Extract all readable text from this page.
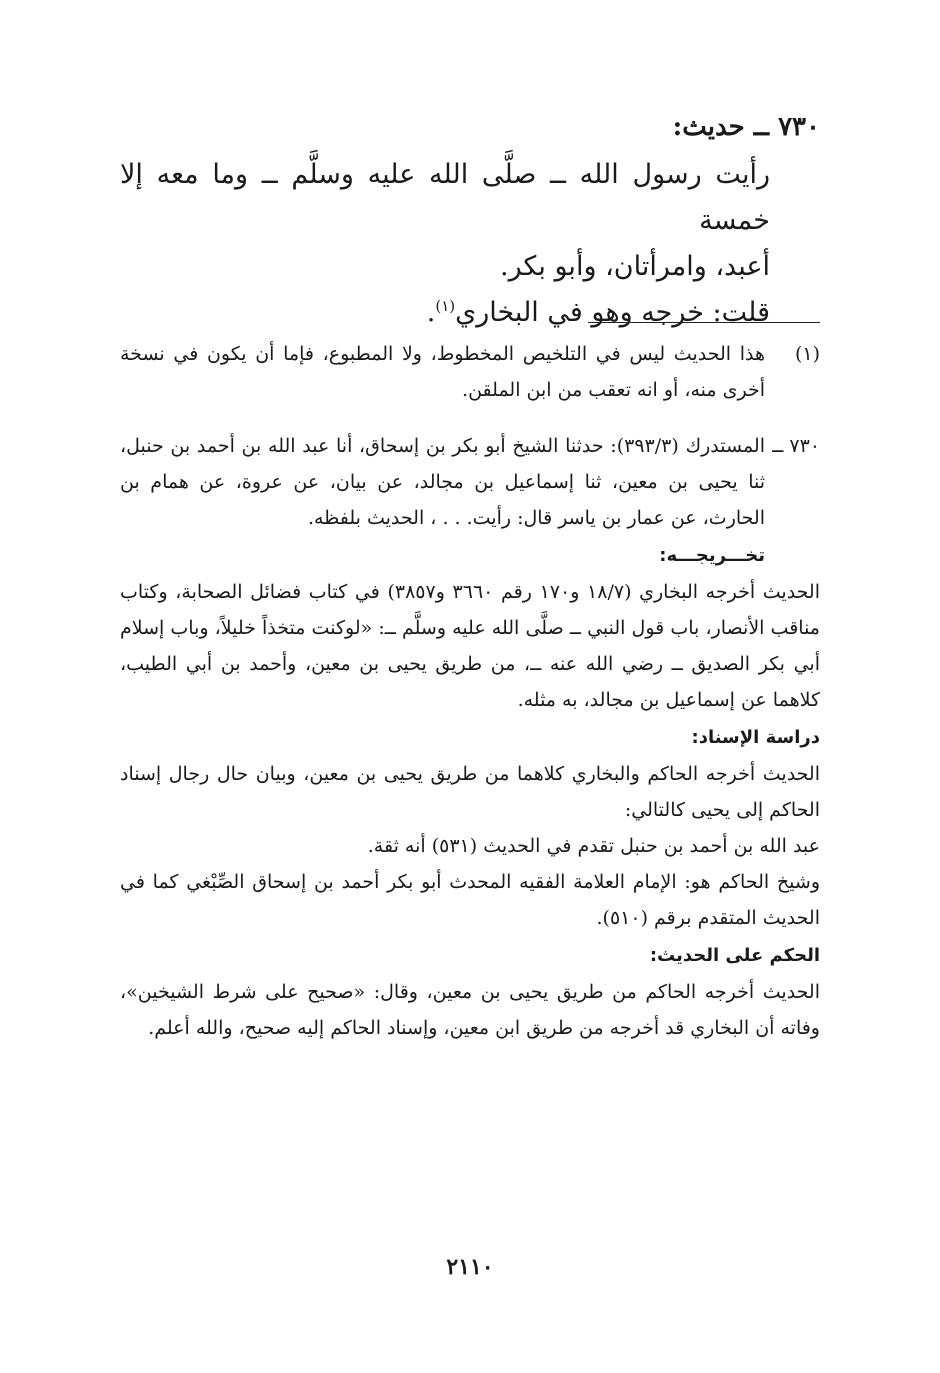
٧٣٠ ــ حديث:

رأيت رسول الله ــ صلَّى الله عليه وسلَّم ــ وما معه إلا خمسة

أعبد، وامرأتان، وأبو بكر.

قلت: خرجه وهو في البخاري$^{(١)}$.

(١)
هذا الحديث ليس في التلخيص المخطوط، ولا المطبوع، فإما أن يكون في نسخة أخرى منه، أو انه تعقب من ابن الملقن.
٧٣٠ ــ

المستدرك (٣٩٣/٣): حدثنا الشيخ أبو بكر بن إسحاق، أنا عبد الله بن أحمد بن حنبل، ثنا يحيى بن معين، ثنا إسماعيل بن مجالد، عن بيان، عن عروة، عن همام بن الحارث، عن عمار بن ياسر قال: رأيت. . . ، الحديث بلفظه.

تخـــريجـــه:

الحديث أخرجه البخاري (١٨/٧ و١٧٠ رقم ٣٦٦٠ و٣٨٥٧) في كتاب فضائل الصحابة، وكتاب مناقب الأنصار، باب قول النبي ــ صلَّى الله عليه وسلَّم ــ: «لوكنت متخذاً خليلاً، وباب إسلام أبي بكر الصديق ــ رضي الله عنه ــ، من طريق يحيى بن معين، وأحمد بن أبي الطيب، كلاهما عن إسماعيل بن مجالد، به مثله.

دراسة الإسناد:

الحديث أخرجه الحاكم والبخاري كلاهما من طريق يحيى بن معين، وبيان حال رجال إسناد الحاكم إلى يحيى كالتالي:

عبد الله بن أحمد بن حنبل تقدم في الحديث (٥٣١) أنه ثقة.

وشيخ الحاكم هو: الإمام العلامة الفقيه المحدث أبو بكر أحمد بن إسحاق الصِّبْغي كما في الحديث المتقدم برقم (٥١٠).

الحكم على الحديث:

الحديث أخرجه الحاكم من طريق يحيى بن معين، وقال: «صحيح على شرط الشيخين»، وفاته أن البخاري قد أخرجه من طريق ابن معين، وإسناد الحاكم إليه صحيح، والله أعلم.

٢١١٠
